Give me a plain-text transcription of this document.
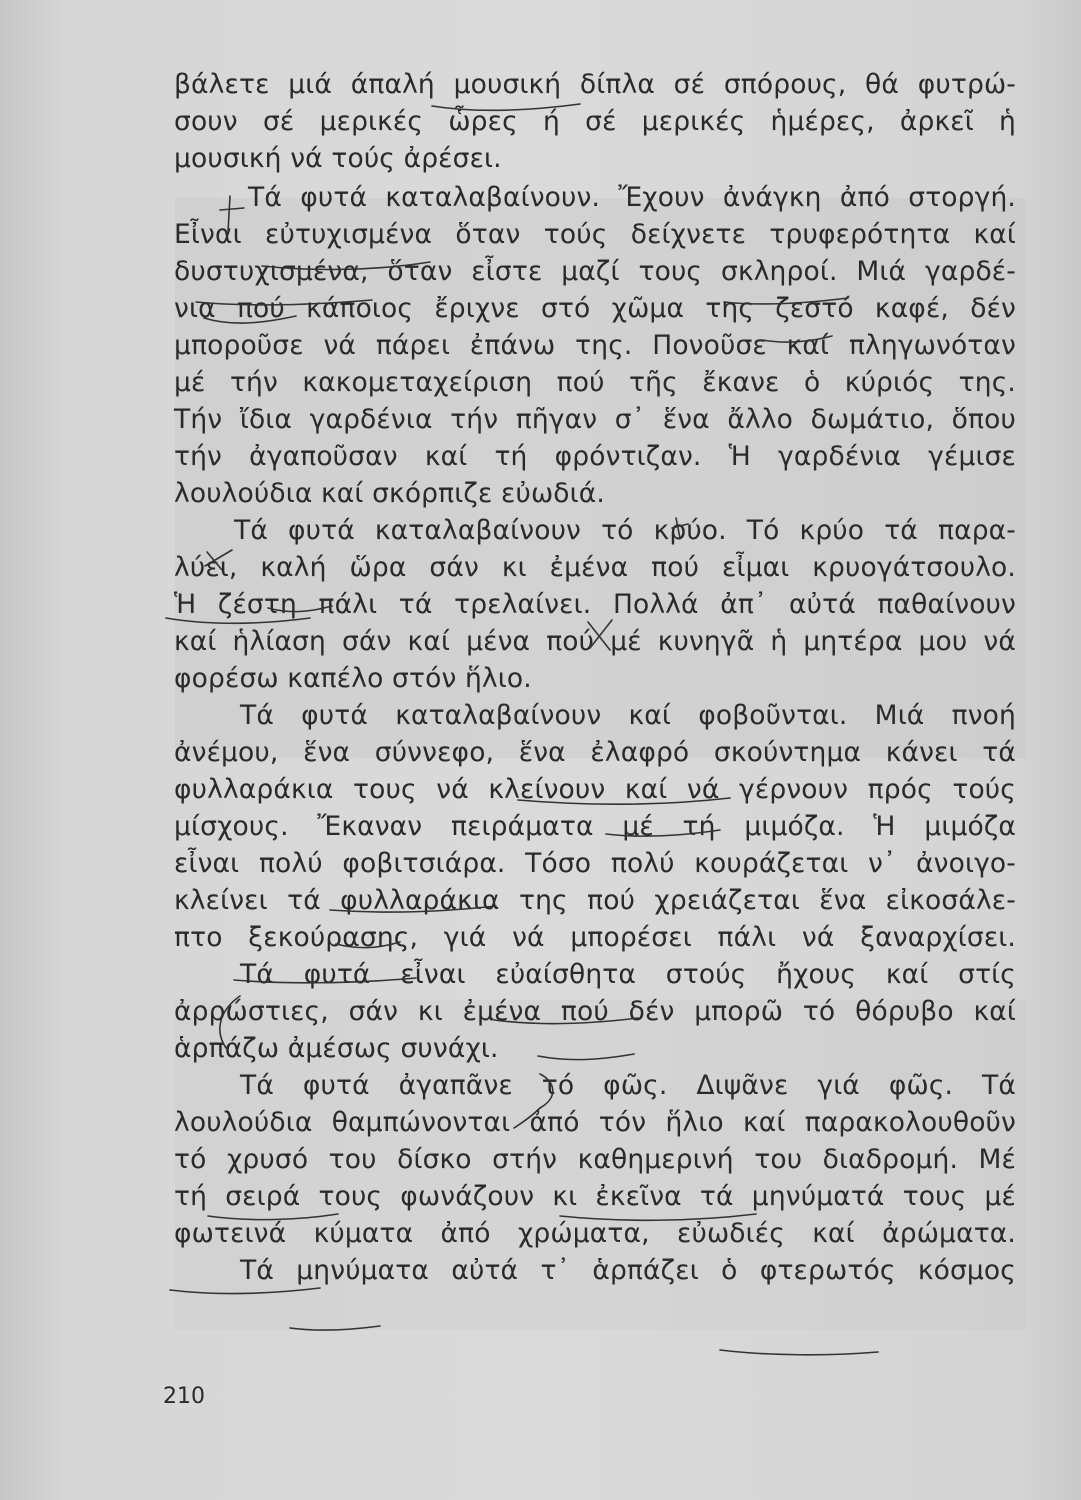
βάλετε μιά άπαλή μουσική δίπλα σέ σπόρους, θά φυτρώ-
σουν σέ μερικές ὧρες ή σέ μερικές ἡμέρες, ἀρκεῖ ἡ
μουσική νά τούς ἀρέσει.
Τά φυτά καταλαβαίνουν. Ἔχουν ἀνάγκη ἀπό στοργή.
Εἶναι εὐτυχισμένα ὅταν τούς δείχνετε τρυφερότητα καί
δυστυχισμένα, ὅταν εἶστε μαζί τους σκληροί. Μιά γαρδέ-
νια πού κάποιος ἔριχνε στό χῶμα της ζεστό καφέ, δέν
μποροῦσε νά πάρει ἐπάνω της. Πονοῦσε καί πληγωνόταν
μέ τήν κακομεταχείριση πού τῆς ἔκανε ὁ κύριός της.
Τήν ἴδια γαρδένια τήν πῆγαν σ᾿ ἕνα ἄλλο δωμάτιο, ὅπου
τήν ἀγαποῦσαν καί τή φρόντιζαν. Ἡ γαρδένια γέμισε
λουλούδια καί σκόρπιζε εὐωδιά.
Τά φυτά καταλαβαίνουν τό κρύο. Τό κρύο τά παρα-
λύει, καλή ὥρα σάν κι ἐμένα πού εἶμαι κρυογάτσουλο.
Ἡ ζέστη πάλι τά τρελαίνει. Πολλά ἀπ᾿ αὐτά παθαίνουν
καί ἡλίαση σάν καί μένα πού μέ κυνηγᾶ ἡ μητέρα μου νά
φορέσω καπέλο στόν ἥλιο.
Τά φυτά καταλαβαίνουν καί φοβοῦνται. Μιά πνοή
ἀνέμου, ἕνα σύννεφο, ἕνα ἐλαφρό σκούντημα κάνει τά
φυλλαράκια τους νά κλείνουν καί νά γέρνουν πρός τούς
μίσχους. Ἔκαναν πειράματα μέ τή μιμόζα. Ἡ μιμόζα
εἶναι πολύ φοβιτσιάρα. Τόσο πολύ κουράζεται ν᾿ ἀνοιγο-
κλείνει τά φυλλαράκια της πού χρειάζεται ἕνα εἰκοσάλε-
πτο ξεκούρασης, γιά νά μπορέσει πάλι νά ξαναρχίσει.
Τά φυτά εἶναι εὐαίσθητα στούς ἤχους καί στίς
ἀρρώστιες, σάν κι ἐμένα πού δέν μπορῶ τό θόρυβο καί
ἁρπάζω ἀμέσως συνάχι.
Τά φυτά ἀγαπᾶνε τό φῶς. Διψᾶνε γιά φῶς. Τά
λουλούδια θαμπώνονται ἀπό τόν ἥλιο καί παρακολουθοῦν
τό χρυσό του δίσκο στήν καθημερινή του διαδρομή. Μέ
τή σειρά τους φωνάζουν κι ἐκεῖνα τά μηνύματά τους μέ
φωτεινά κύματα ἀπό χρώματα, εὐωδιές καί ἀρώματα.
Τά μηνύματα αὐτά τ᾿ ἁρπάζει ὁ φτερωτός κόσμος
210
